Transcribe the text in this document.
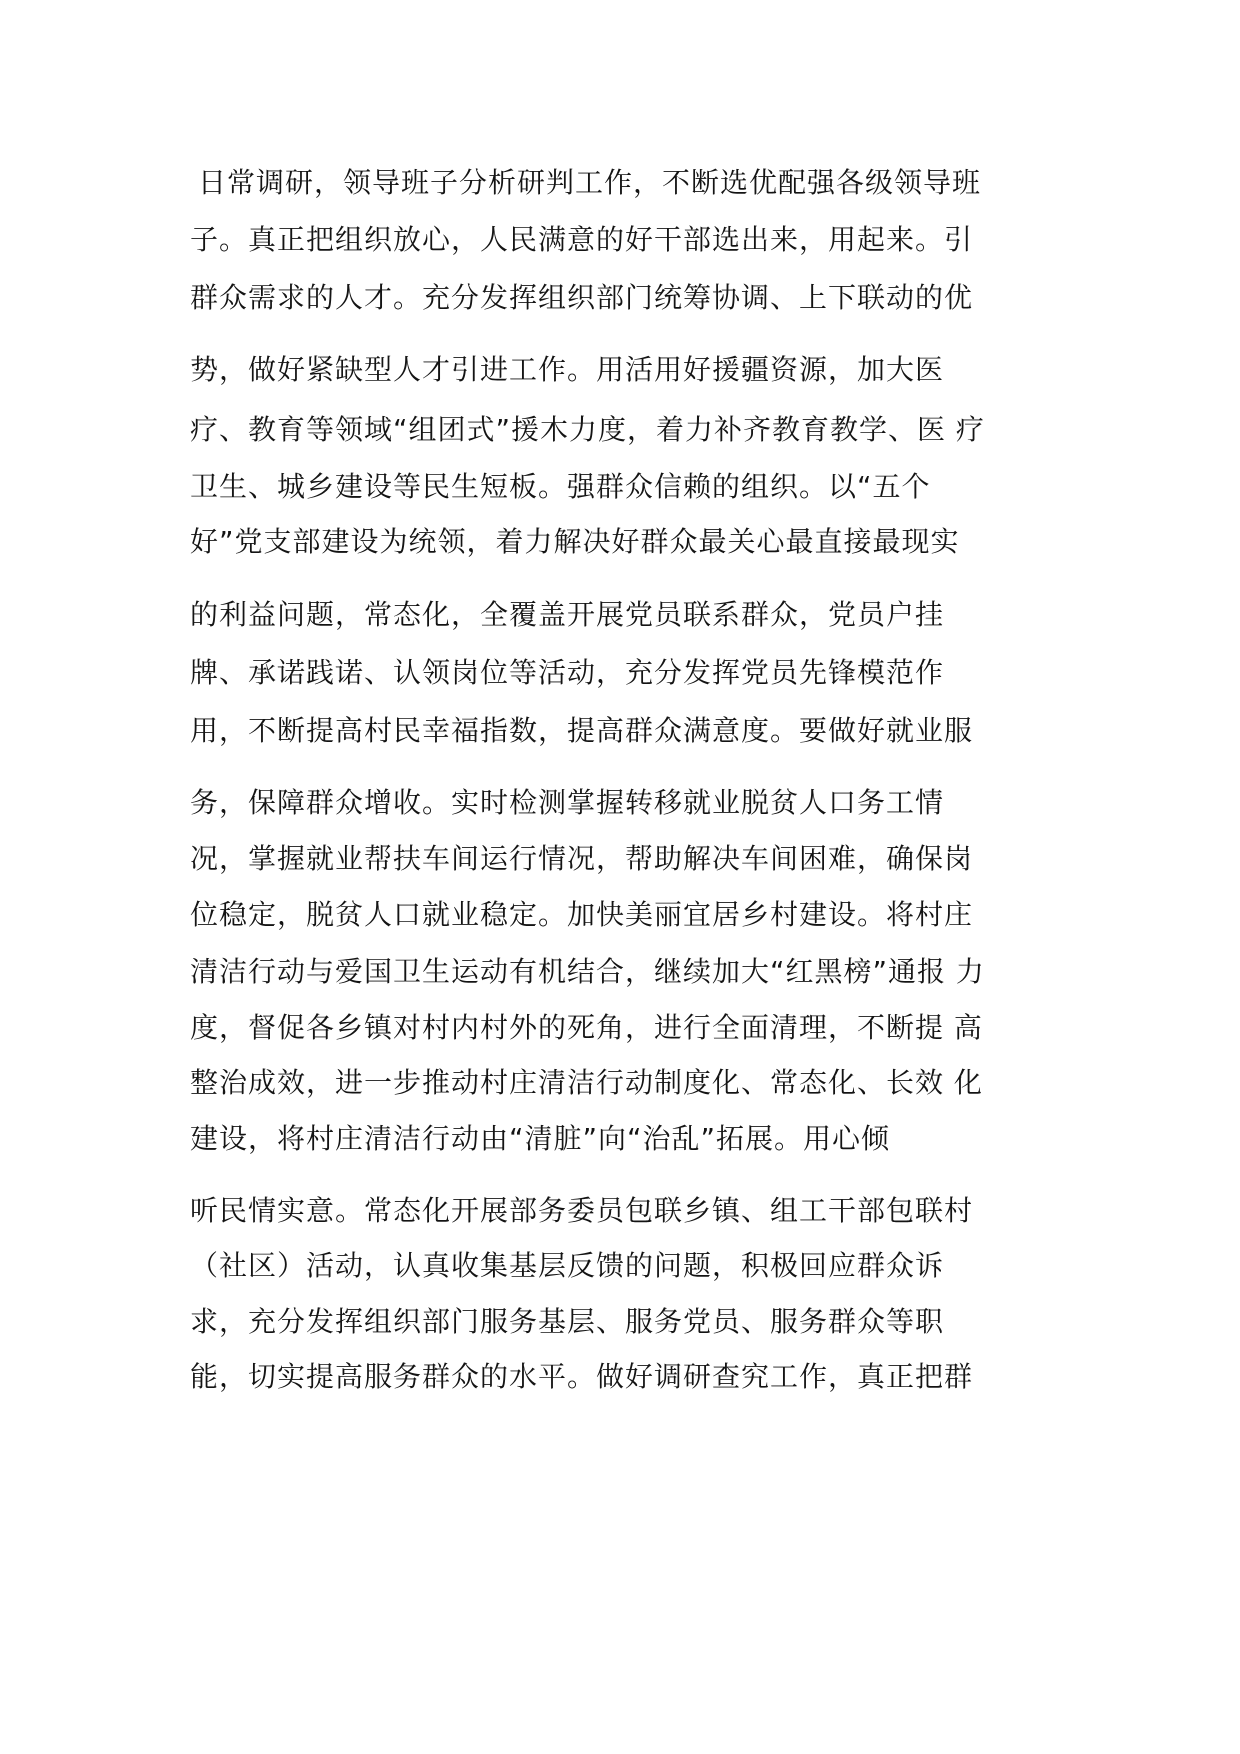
日常调研，领导班子分析研判工作，不断选优配强各级领导班
子。真正把组织放心，人民满意的好干部选出来，用起来。引
群众需求的人才。充分发挥组织部门统筹协调、上下联动的优
势，做好紧缺型人才引进工作。用活用好援疆资源，加大医
疗、教育等领域“组团式”援木力度，着力补齐教育教学、医 疗
卫生、城乡建设等民生短板。强群众信赖的组织。以“五个
好”党支部建设为统领，着力解决好群众最关心最直接最现实
的利益问题，常态化，全覆盖开展党员联系群众，党员户挂
牌、承诺践诺、认领岗位等活动，充分发挥党员先锋模范作
用，不断提高村民幸福指数，提高群众满意度。要做好就业服
务，保障群众增收。实时检测掌握转移就业脱贫人口务工情
况，掌握就业帮扶车间运行情况，帮助解决车间困难，确保岗
位稳定，脱贫人口就业稳定。加快美丽宜居乡村建设。将村庄
清洁行动与爱国卫生运动有机结合，继续加大“红黑榜”通报 力
度，督促各乡镇对村内村外的死角，进行全面清理，不断提 高
整治成效，进一步推动村庄清洁行动制度化、常态化、长效 化
建设，将村庄清洁行动由“清脏”向“治乱”拓展。用心倾
听民情实意。常态化开展部务委员包联乡镇、组工干部包联村
（社区）活动，认真收集基层反馈的问题，积极回应群众诉
求，充分发挥组织部门服务基层、服务党员、服务群众等职
能，切实提高服务群众的水平。做好调研查究工作，真正把群
